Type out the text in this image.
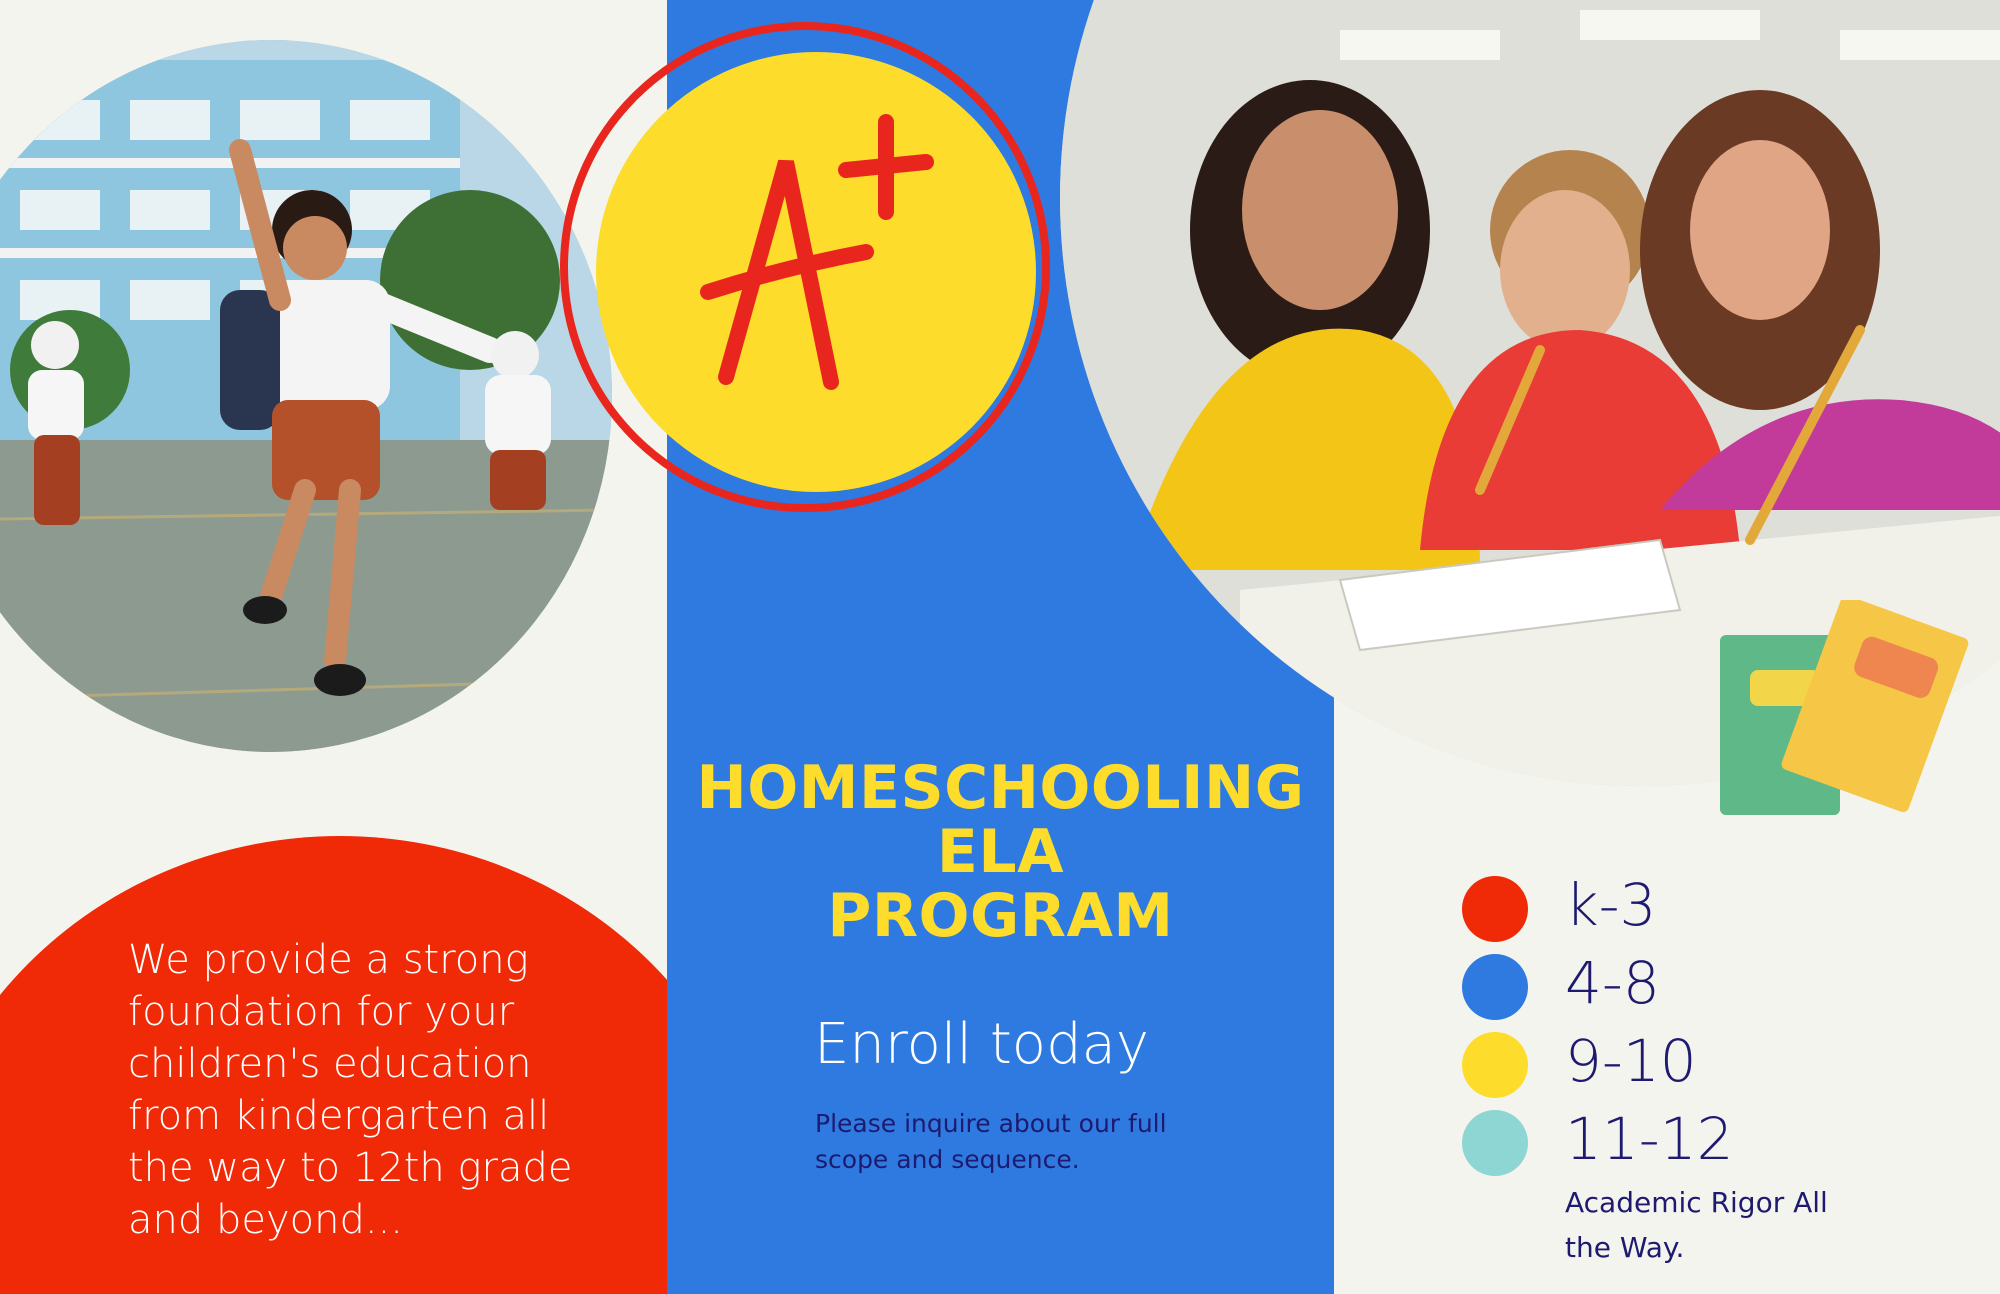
We provide a strong foundation for your children's education from kindergarten all the way to 12th grade and beyond...

HOMESCHOOLING
ELA
PROGRAM

Enroll today

Please inquire about our full scope and sequence.

k-3
4-8
9-10
11-12

Academic Rigor All the Way.
